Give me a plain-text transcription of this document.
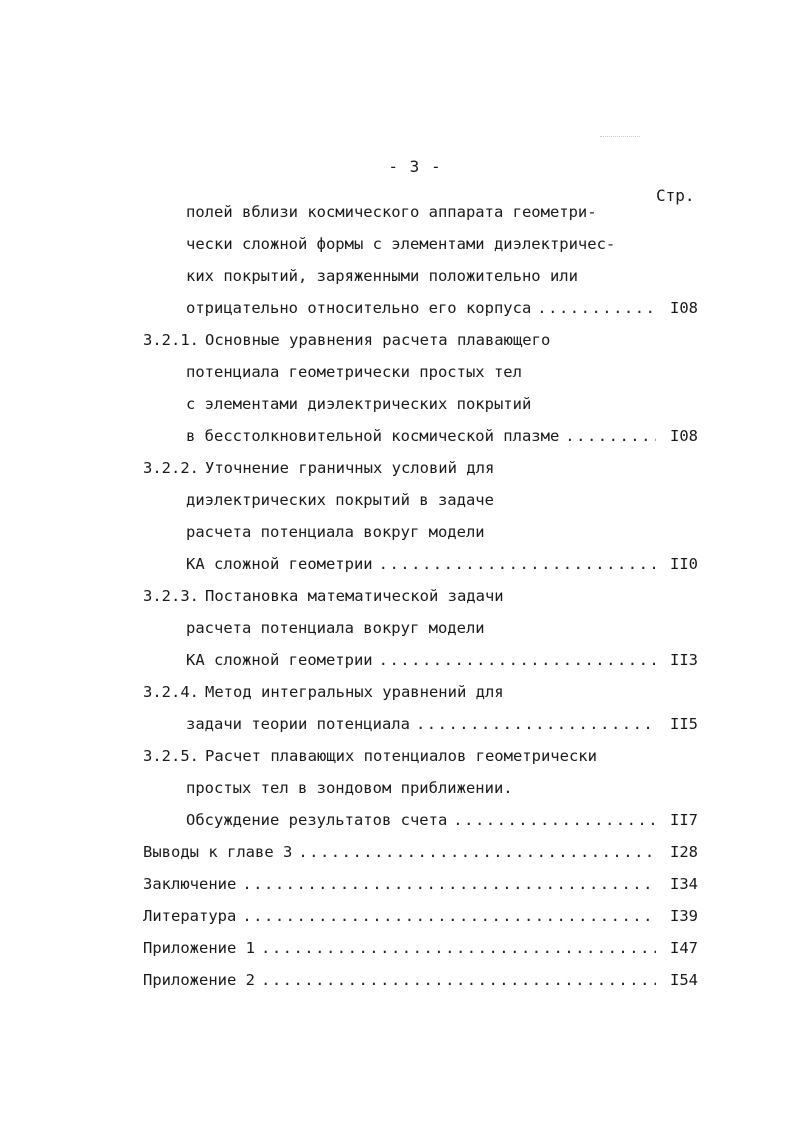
- 3 -
Стр.
полей вблизи космического аппарата геометри-
чески сложной формы с элементами диэлектричес-
ких покрытий, заряженными положительно или
отрицательно относительно его корпуса .....	I08
3.2.1. Основные уравнения расчета плавающего
потенциала геометрически простых тел
с элементами диэлектрических покрытий
в бесстолкновительной космической плазме .....	I08
3.2.2. Уточнение граничных условий для
диэлектрических покрытий в задаче
расчета потенциала вокруг модели
КА сложной геометрии .....	II0
3.2.3. Постановка математической задачи
расчета потенциала вокруг модели
КА сложной геометрии .....	II3
3.2.4. Метод интегральных уравнений для
задачи теории потенциала .....	II5
3.2.5. Расчет плавающих потенциалов геометрически
простых тел в зондовом приближении.
Обсуждение результатов счета .....	II7
Выводы к главе 3 .....	I28
Заключение .....	I34
Литература .....	I39
Приложение 1 .....	I47
Приложение 2 .....	I54
